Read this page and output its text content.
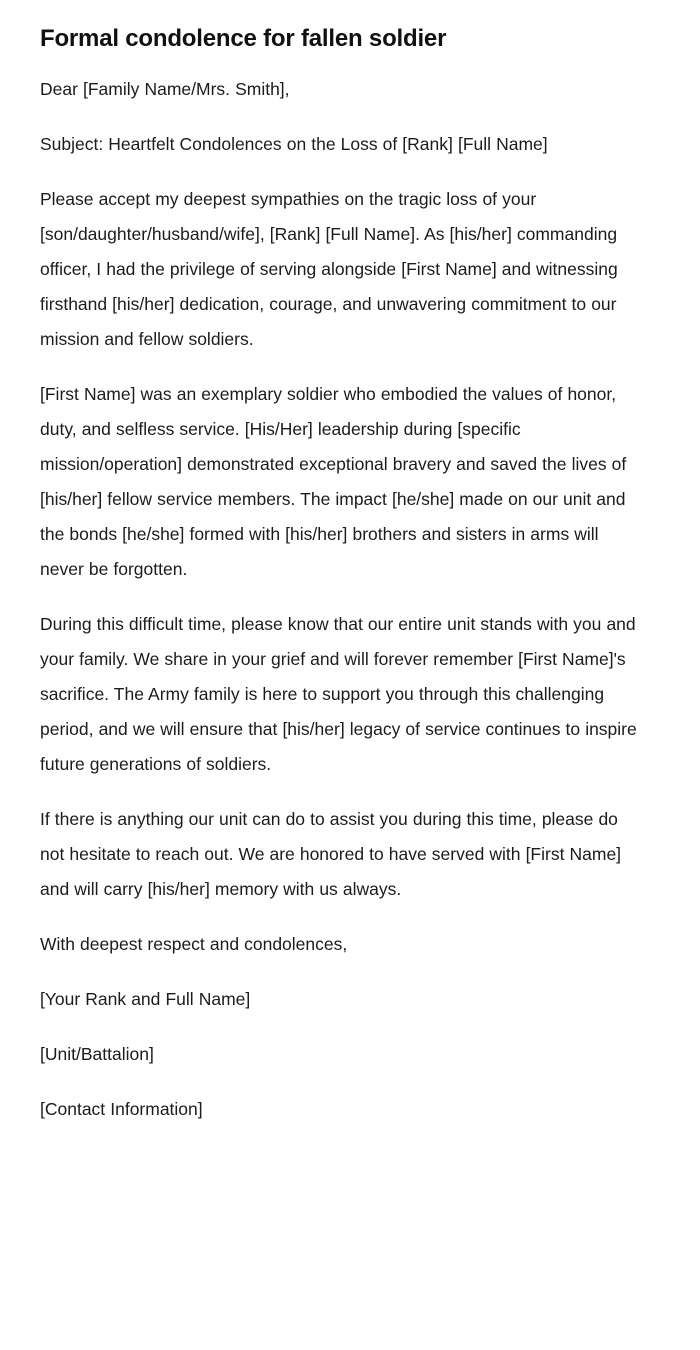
Formal condolence for fallen soldier

Dear [Family Name/Mrs. Smith],

Subject: Heartfelt Condolences on the Loss of [Rank] [Full Name]

Please accept my deepest sympathies on the tragic loss of your [son/daughter/husband/wife], [Rank] [Full Name]. As [his/her] commanding officer, I had the privilege of serving alongside [First Name] and witnessing firsthand [his/her] dedication, courage, and unwavering commitment to our mission and fellow soldiers.

[First Name] was an exemplary soldier who embodied the values of honor, duty, and selfless service. [His/Her] leadership during [specific mission/operation] demonstrated exceptional bravery and saved the lives of [his/her] fellow service members. The impact [he/she] made on our unit and the bonds [he/she] formed with [his/her] brothers and sisters in arms will never be forgotten.

During this difficult time, please know that our entire unit stands with you and your family. We share in your grief and will forever remember [First Name]'s sacrifice. The Army family is here to support you through this challenging period, and we will ensure that [his/her] legacy of service continues to inspire future generations of soldiers.

If there is anything our unit can do to assist you during this time, please do not hesitate to reach out. We are honored to have served with [First Name] and will carry [his/her] memory with us always.

With deepest respect and condolences,

[Your Rank and Full Name]

[Unit/Battalion]

[Contact Information]
